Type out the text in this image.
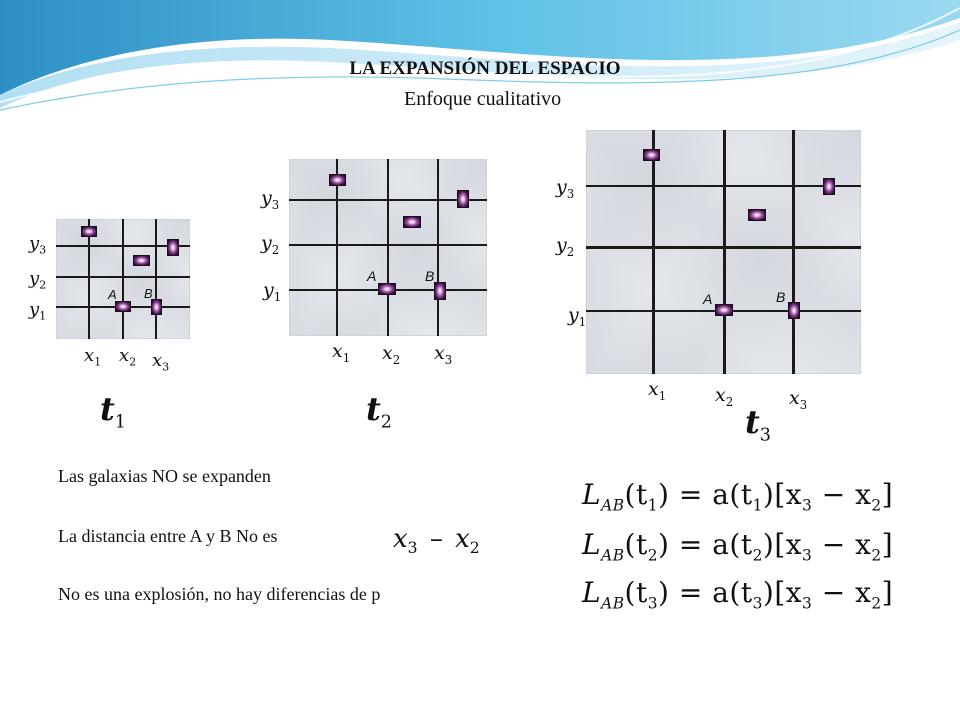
LA EXPANSIÓN DEL ESPACIO
Enfoque cualitativo
A B
$y_3$
$y_2$
$y_1$
$x_1$ $x_2$ $x_3$
$t_1$
A	B
$y_3$
$y_2$
$y_1$
$x_1$ $x_2$ $x_3$
$t_2$
A	B
$y_3$
$y_2$
$y_1$
$x_1$	$x_2$	$x_3$
$t_3$
Las galaxias NO se expanden
La distancia entre A y B No es
No es una explosión, no hay diferencias de p
$x_3 - x_2$
$L_{AB}(t_1) = a(t_1)[x_3 - x_2]$
$L_{AB}(t_2) = a(t_2)[x_3 - x_2]$
$L_{AB}(t_3) = a(t_3)[x_3 - x_2]$
